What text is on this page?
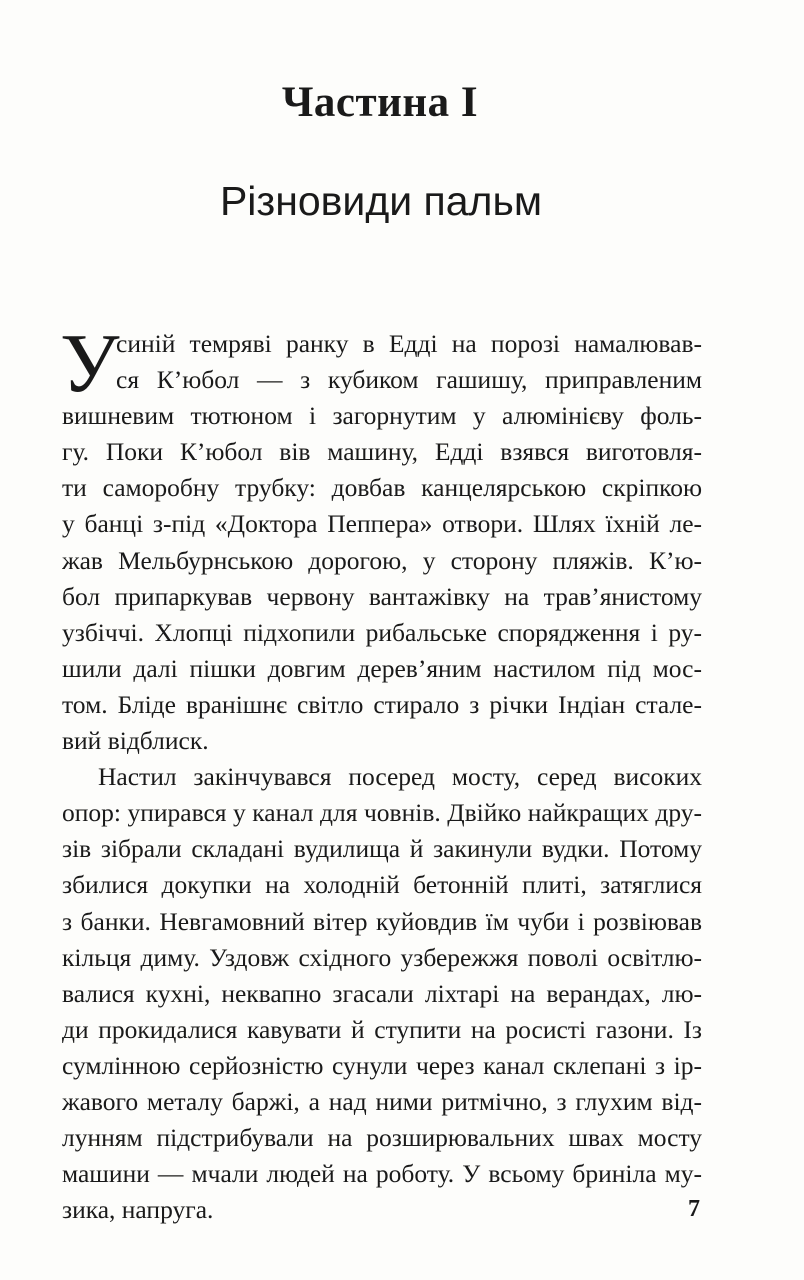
Частина I
Різновиди пальм
У
синій темряві ранку в Едді на порозі намалював-
ся К’юбол — з кубиком гашишу, приправленим
вишневим тютюном і загорнутим у алюмінієву фоль-
гу. Поки К’юбол вів машину, Едді взявся виготовля-
ти саморобну трубку: довбав канцелярською скріпкою
у банці з-під «Доктора Пеппера» отвори. Шлях їхній ле-
жав Мельбурнською дорогою, у сторону пляжів. К’ю-
бол припаркував червону вантажівку на трав’янистому
узбіччі. Хлопці підхопили рибальське спорядження і ру-
шили далі пішки довгим дерев’яним настилом під мос-
том. Бліде вранішнє світло стирало з річки Індіан сталe-
вий відблиск.
Настил закінчувався посеред мосту, серед високих
опор: упирався у канал для човнів. Двійко найкращих дру-
зів зібрали складані вудилища й закинули вудки. Потому
збилися докупки на холодній бетонній плиті, затяглися
з банки. Невгамовний вітер куйовдив їм чуби і розвіював
кільця диму. Уздовж східного узбережжя поволі освітлю-
валися кухні, неквапно згасали ліхтарі на верандах, лю-
ди прокидалися кавувати й ступити на росисті газони. Із
сумлінною серйозністю сунули через канал склепані з ір-
жавого металу баржі, а над ними ритмічно, з глухим від-
лунням підстрибували на розширювальних швах мосту
машини — мчали людей на роботу. У всьому бриніла му-
зика, напруга.	7
